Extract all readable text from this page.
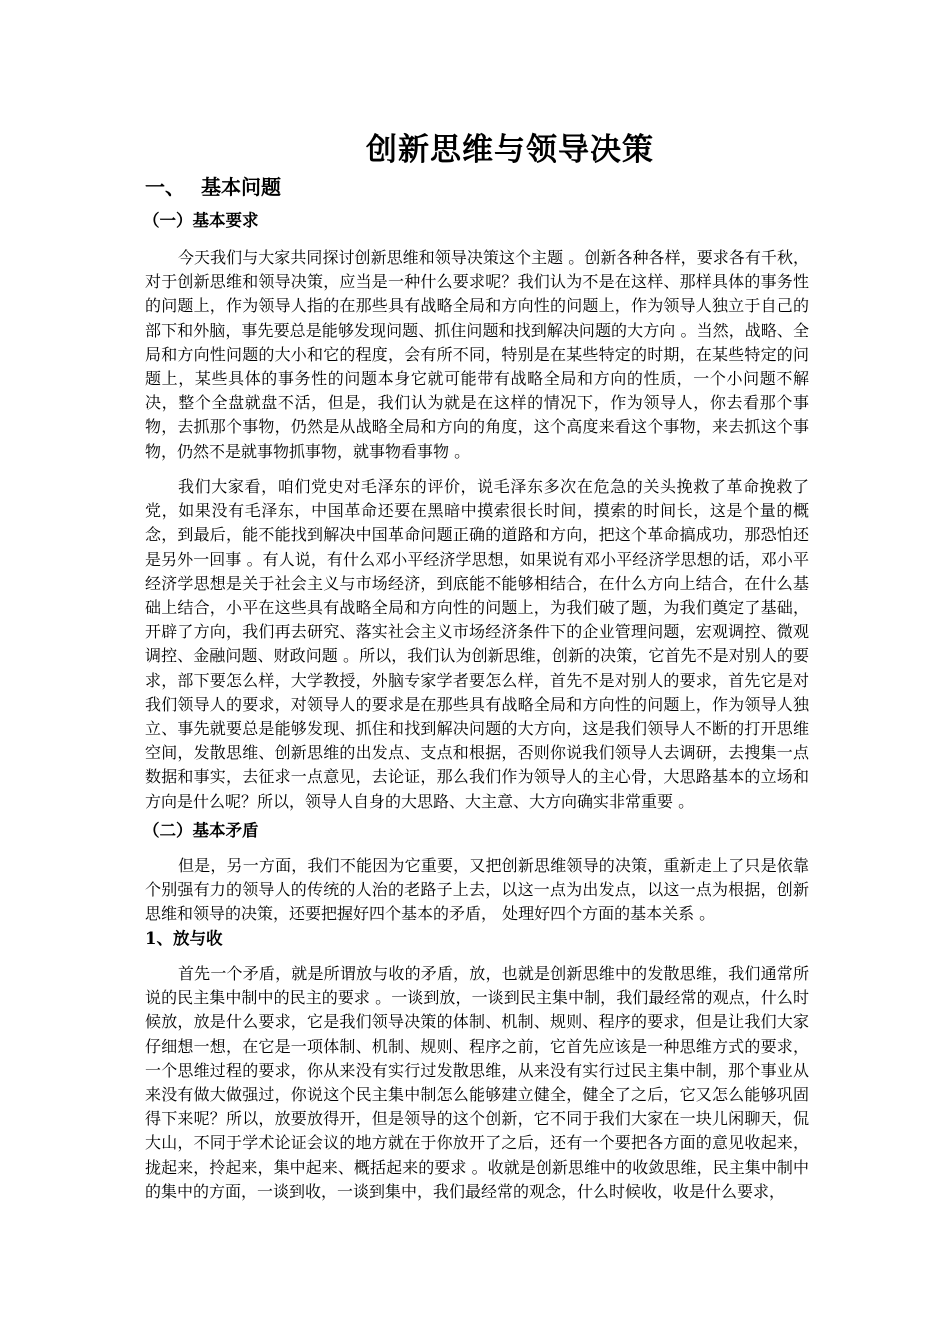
创新思维与领导决策
一、 基本问题
（一）基本要求

今天我们与大家共同探讨创新思维和领导决策这个主题 。创新各种各样，要求各有千秋，对于创新思维和领导决策，应当是一种什么要求呢？我们认为不是在这样、那样具体的事务性的问题上，作为领导人指的在那些具有战略全局和方向性的问题上，作为领导人独立于自己的部下和外脑，事先要总是能够发现问题、抓住问题和找到解决问题的大方向 。当然，战略、全局和方向性问题的大小和它的程度，会有所不同，特别是在某些特定的时期，在某些特定的问题上，某些具体的事务性的问题本身它就可能带有战略全局和方向的性质，一个小问题不解决，整个全盘就盘不活，但是，我们认为就是在这样的情况下，作为领导人，你去看那个事物，去抓那个事物，仍然是从战略全局和方向的角度，这个高度来看这个事物，来去抓这个事物，仍然不是就事物抓事物，就事物看事物 。

我们大家看，咱们党史对毛泽东的评价，说毛泽东多次在危急的关头挽救了革命挽救了党，如果没有毛泽东，中国革命还要在黑暗中摸索很长时间，摸索的时间长，这是个量的概念，到最后，能不能找到解决中国革命问题正确的道路和方向，把这个革命搞成功，那恐怕还是另外一回事 。有人说，有什么邓小平经济学思想，如果说有邓小平经济学思想的话，邓小平经济学思想是关于社会主义与市场经济，到底能不能够相结合，在什么方向上结合，在什么基础上结合，小平在这些具有战略全局和方向性的问题上，为我们破了题，为我们奠定了基础，开辟了方向，我们再去研究、落实社会主义市场经济条件下的企业管理问题，宏观调控、微观调控、金融问题、财政问题 。所以，我们认为创新思维，创新的决策，它首先不是对别人的要求，部下要怎么样，大学教授，外脑专家学者要怎么样，首先不是对别人的要求，首先它是对我们领导人的要求，对领导人的要求是在那些具有战略全局和方向性的问题上，作为领导人独立、事先就要总是能够发现、抓住和找到解决问题的大方向，这是我们领导人不断的打开思维空间，发散思维、创新思维的出发点、支点和根据，否则你说我们领导人去调研，去搜集一点数据和事实，去征求一点意见，去论证，那么我们作为领导人的主心骨，大思路基本的立场和方向是什么呢？所以，领导人自身的大思路、大主意、大方向确实非常重要 。

（二）基本矛盾

但是，另一方面，我们不能因为它重要，又把创新思维领导的决策，重新走上了只是依靠个别强有力的领导人的传统的人治的老路子上去，以这一点为出发点，以这一点为根据，创新思维和领导的决策，还要把握好四个基本的矛盾， 处理好四个方面的基本关系 。

1、放与收

首先一个矛盾，就是所谓放与收的矛盾，放，也就是创新思维中的发散思维，我们通常所说的民主集中制中的民主的要求 。一谈到放，一谈到民主集中制，我们最经常的观点，什么时候放，放是什么要求，它是我们领导决策的体制、机制、规则、程序的要求，但是让我们大家仔细想一想，在它是一项体制、机制、规则、程序之前，它首先应该是一种思维方式的要求，一个思维过程的要求，你从来没有实行过发散思维，从来没有实行过民主集中制，那个事业从来没有做大做强过，你说这个民主集中制怎么能够建立健全，健全了之后，它又怎么能够巩固得下来呢？所以，放要放得开，但是领导的这个创新，它不同于我们大家在一块儿闲聊天，侃大山，不同于学术论证会议的地方就在于你放开了之后，还有一个要把各方面的意见收起来，拢起来，拎起来，集中起来、概括起来的要求 。收就是创新思维中的收敛思维，民主集中制中的集中的方面，一谈到收，一谈到集中，我们最经常的观念，什么时候收，收是什么要求，
